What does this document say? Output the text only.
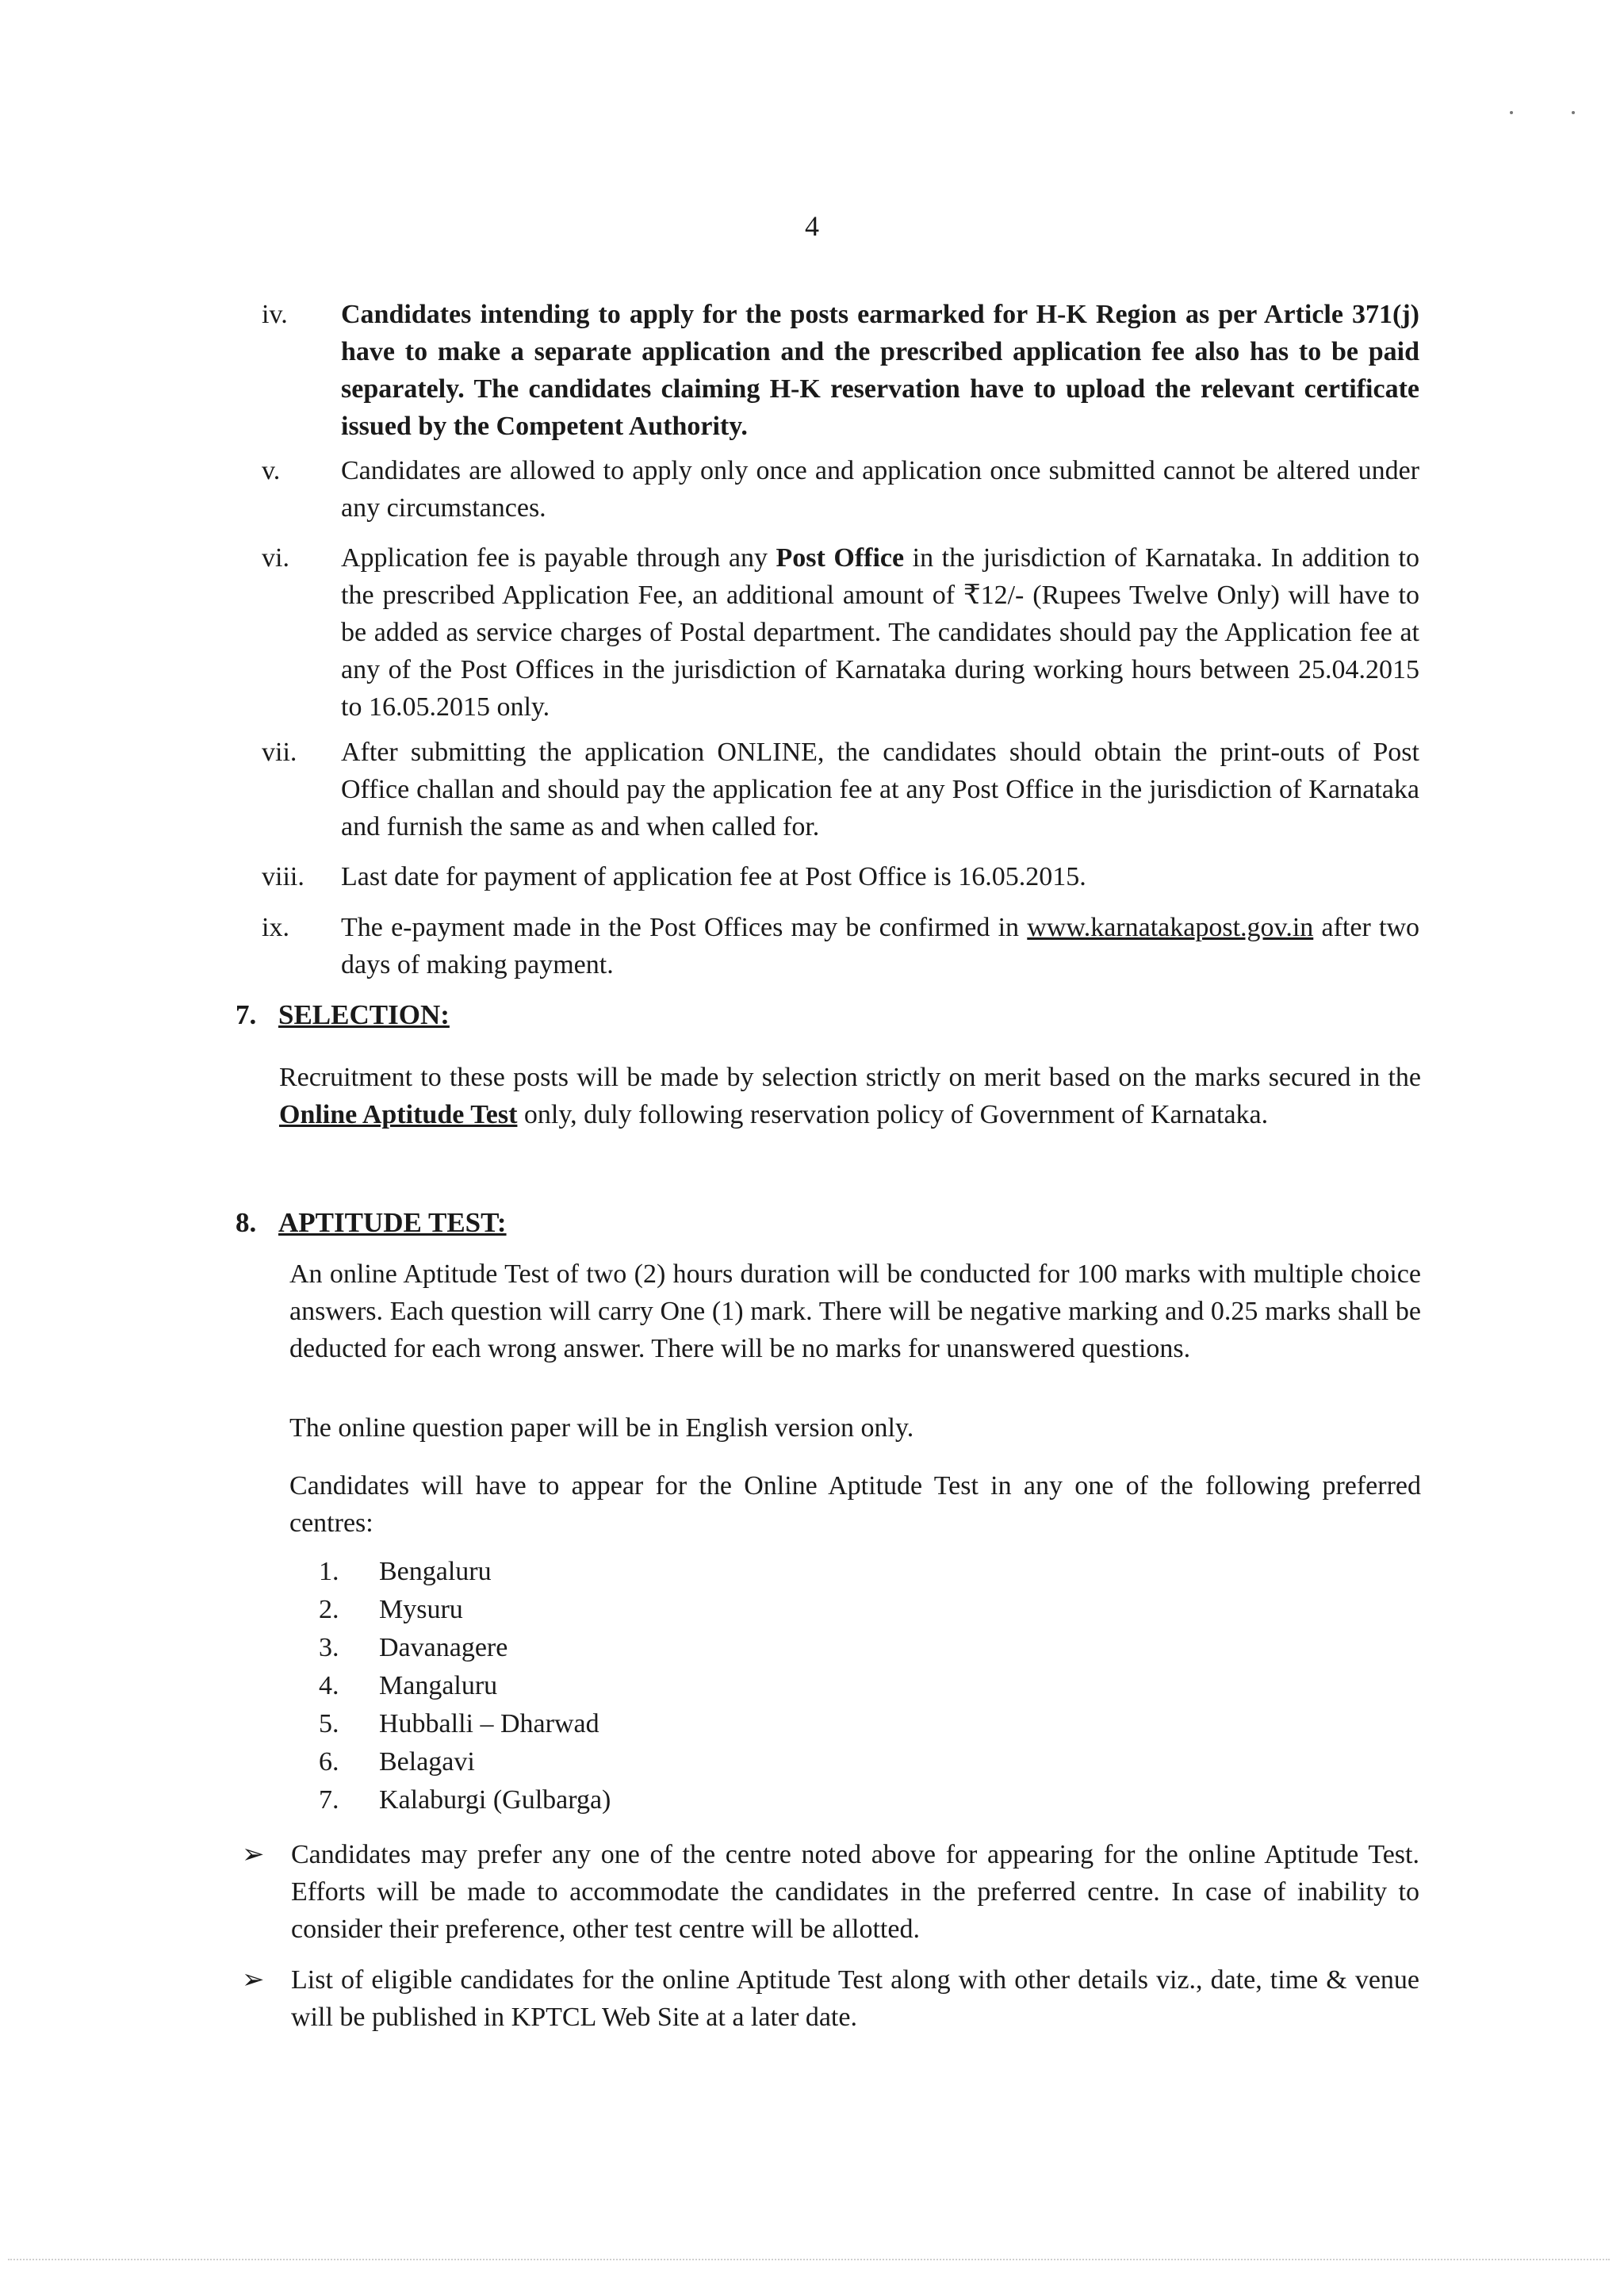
4
iv.	Candidates intending to apply for the posts earmarked for H-K Region as per Article 371(j) have to make a separate application and the prescribed application fee also has to be paid separately. The candidates claiming H-K reservation have to upload the relevant certificate issued by the Competent Authority.
v.	Candidates are allowed to apply only once and application once submitted cannot be altered under any circumstances.
vi.	Application fee is payable through any Post Office in the jurisdiction of Karnataka. In addition to the prescribed Application Fee, an additional amount of ₹12/- (Rupees Twelve Only) will have to be added as service charges of Postal department. The candidates should pay the Application fee at any of the Post Offices in the jurisdiction of Karnataka during working hours between 25.04.2015 to 16.05.2015 only.
vii.	After submitting the application ONLINE, the candidates should obtain the print-outs of Post Office challan and should pay the application fee at any Post Office in the jurisdiction of Karnataka and furnish the same as and when called for.
viii.	Last date for payment of application fee at Post Office is 16.05.2015.
ix.	The e-payment made in the Post Offices may be confirmed in www.karnatakapost.gov.in after two days of making payment.
7. SELECTION:
Recruitment to these posts will be made by selection strictly on merit based on the marks secured in the Online Aptitude Test only, duly following reservation policy of Government of Karnataka.
8. APTITUDE TEST:
An online Aptitude Test of two (2) hours duration will be conducted for 100 marks with multiple choice answers. Each question will carry One (1) mark. There will be negative marking and 0.25 marks shall be deducted for each wrong answer. There will be no marks for unanswered questions.
The online question paper will be in English version only.
Candidates will have to appear for the Online Aptitude Test in any one of the following preferred centres:
1. Bengaluru
2. Mysuru
3. Davanagere
4. Mangaluru
5. Hubballi – Dharwad
6. Belagavi
7. Kalaburgi (Gulbarga)
➢ Candidates may prefer any one of the centre noted above for appearing for the online Aptitude Test. Efforts will be made to accommodate the candidates in the preferred centre. In case of inability to consider their preference, other test centre will be allotted.
➢ List of eligible candidates for the online Aptitude Test along with other details viz., date, time & venue will be published in KPTCL Web Site at a later date.
